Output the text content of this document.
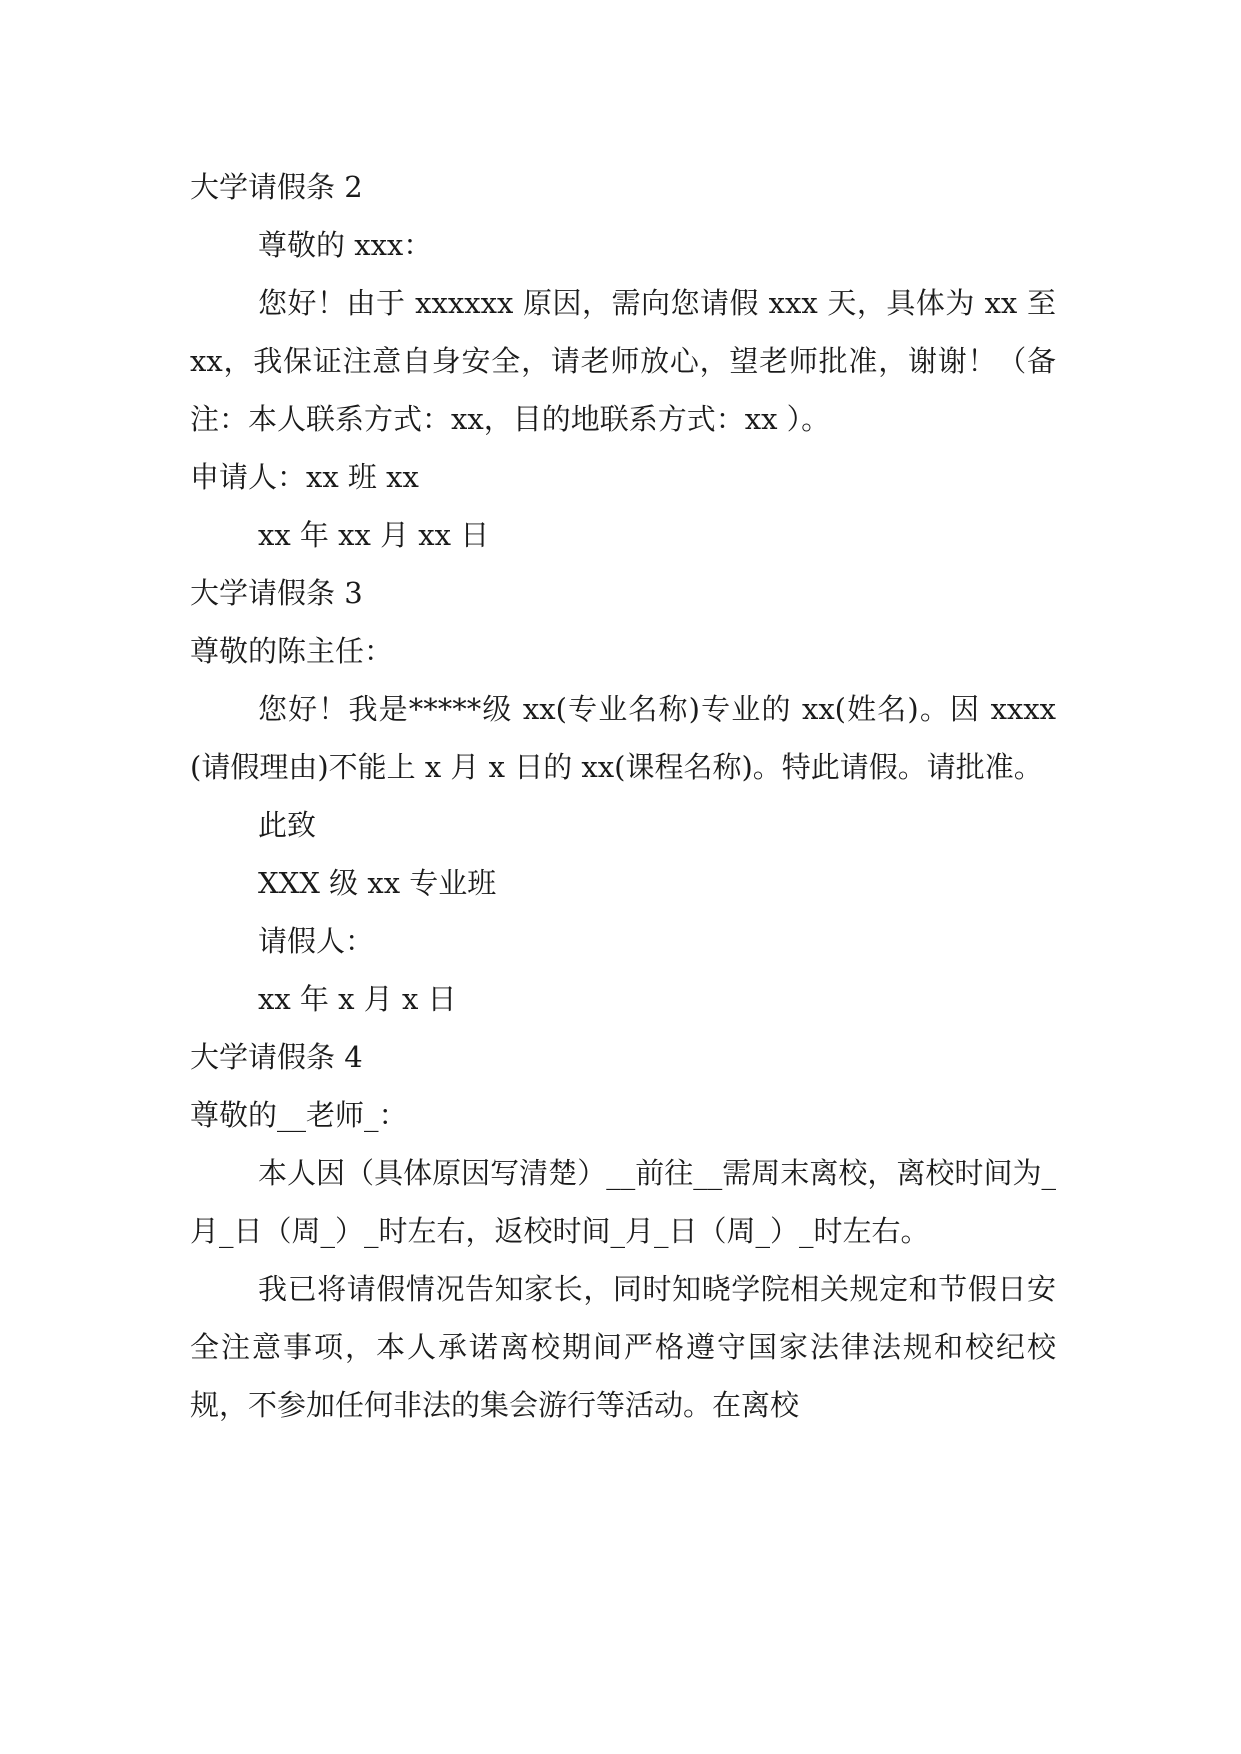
大学请假条 2

尊敬的 xxx：

您好！由于 xxxxxx 原因，需向您请假 xxx 天，具体为 xx 至 xx，我保证注意自身安全，请老师放心，望老师批准，谢谢！（备注：本人联系方式：xx，目的地联系方式：xx ）。

申请人：xx 班 xx

xx 年 xx 月 xx 日

大学请假条 3

尊敬的陈主任：

您好！我是*****级 xx(专业名称)专业的 xx(姓名)。因 xxxx(请假理由)不能上 x 月 x 日的 xx(课程名称)。特此请假。请批准。

此致

XXX 级 xx 专业班

请假人：

xx 年 x 月 x 日

大学请假条 4

尊敬的__老师_：

本人因（具体原因写清楚）__前往__需周末离校，离校时间为_月_日（周_）_时左右，返校时间_月_日（周_）_时左右。

我已将请假情况告知家长，同时知晓学院相关规定和节假日安全注意事项，本人承诺离校期间严格遵守国家法律法规和校纪校规，不参加任何非法的集会游行等活动。在离校
